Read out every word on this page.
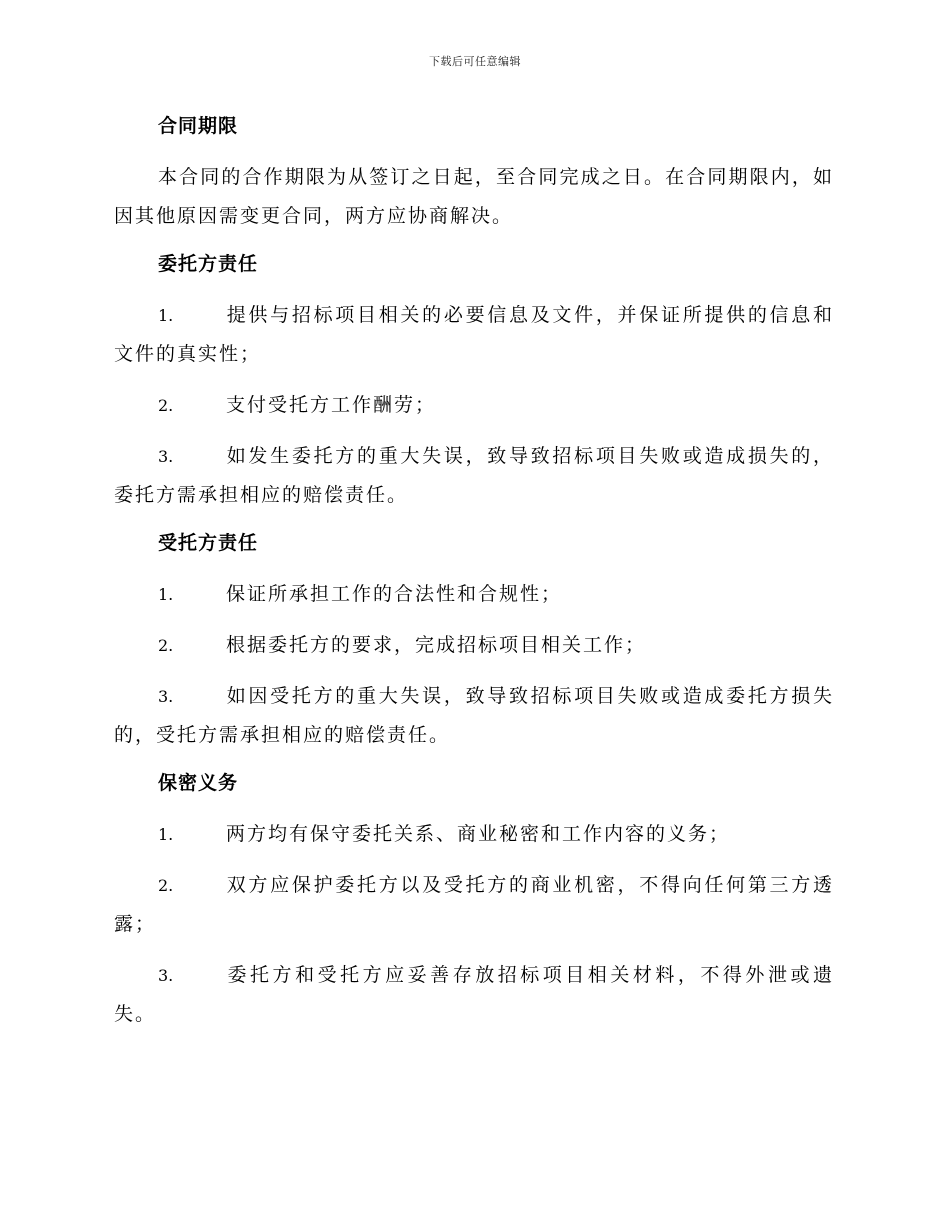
下载后可任意编辑
合同期限

本合同的合作期限为从签订之日起，至合同完成之日。在合同期限内，如因其他原因需变更合同，两方应协商解决。

委托方责任

1.	提供与招标项目相关的必要信息及文件，并保证所提供的信息和文件的真实性；

2.	支付受托方工作酬劳；

3.	如发生委托方的重大失误，致导致招标项目失败或造成损失的，委托方需承担相应的赔偿责任。

受托方责任

1.	保证所承担工作的合法性和合规性；

2.	根据委托方的要求，完成招标项目相关工作；

3.	如因受托方的重大失误，致导致招标项目失败或造成委托方损失的，受托方需承担相应的赔偿责任。

保密义务

1.	两方均有保守委托关系、商业秘密和工作内容的义务；

2.	双方应保护委托方以及受托方的商业机密，不得向任何第三方透露；

3.	委托方和受托方应妥善存放招标项目相关材料，不得外泄或遗失。
